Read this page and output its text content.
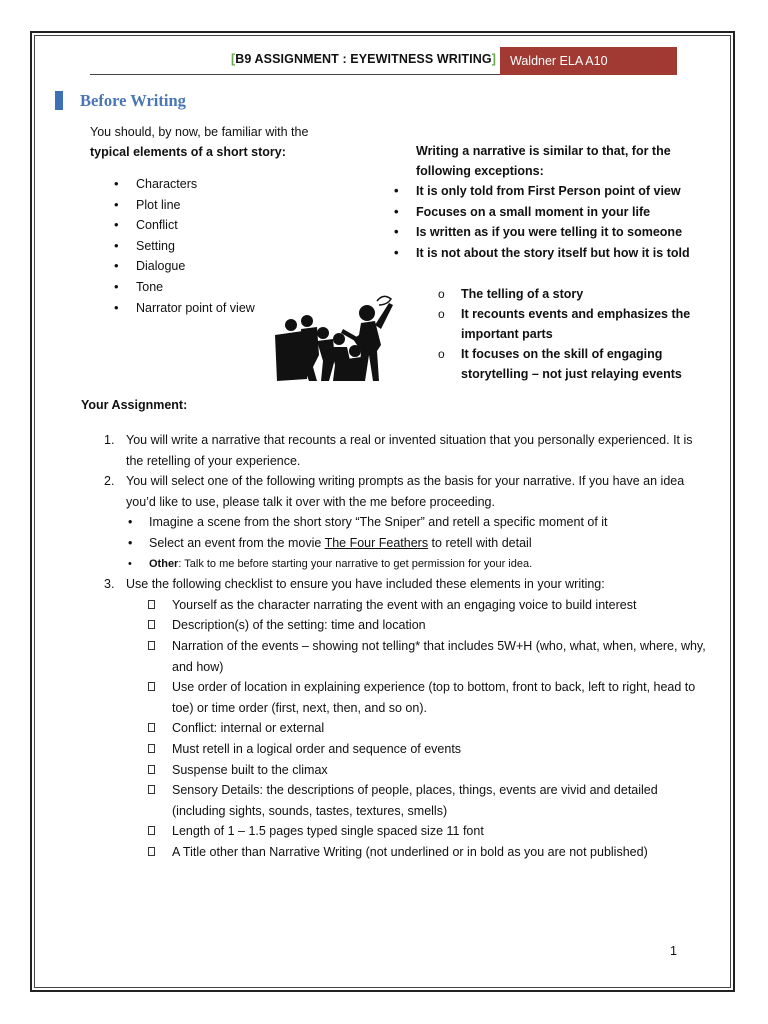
[B9 ASSIGNMENT : EYEWITNESS WRITING]	Waldner ELA A10
Before Writing
You should, by now, be familiar with the
typical elements of a short story:
• Characters
• Plot line
• Conflict
• Setting
• Dialogue
• Tone
• Narrator point of view
Writing a narrative is similar to that, for the following exceptions:
• It is only told from First Person point of view
• Focuses on a small moment in your life
• Is written as if you were telling it to someone
• It is not about the story itself but how it is told
o The telling of a story
o It recounts events and emphasizes the important parts
o It focuses on the skill of engaging storytelling – not just relaying events
Your Assignment:
1. You will write a narrative that recounts a real or invented situation that you personally experienced. It is the retelling of your experience.
2. You will select one of the following writing prompts as the basis for your narrative. If you have an idea you’d like to use, please talk it over with the me before proceeding.
• Imagine a scene from the short story “The Sniper” and retell a specific moment of it
• Select an event from the movie The Four Feathers to retell with detail
• Other: Talk to me before starting your narrative to get permission for your idea.
3. Use the following checklist to ensure you have included these elements in your writing:
Yourself as the character narrating the event with an engaging voice to build interest
Description(s) of the setting: time and location
Narration of the events – showing not telling* that includes 5W+H (who, what, when, where, why, and how)
Use order of location in explaining experience (top to bottom, front to back, left to right, head to toe) or time order (first, next, then, and so on).
Conflict: internal or external
Must retell in a logical order and sequence of events
Suspense built to the climax
Sensory Details: the descriptions of people, places, things, events are vivid and detailed (including sights, sounds, tastes, textures, smells)
Length of 1 – 1.5 pages typed single spaced size 11 font
A Title other than Narrative Writing (not underlined or in bold as you are not published)
1
